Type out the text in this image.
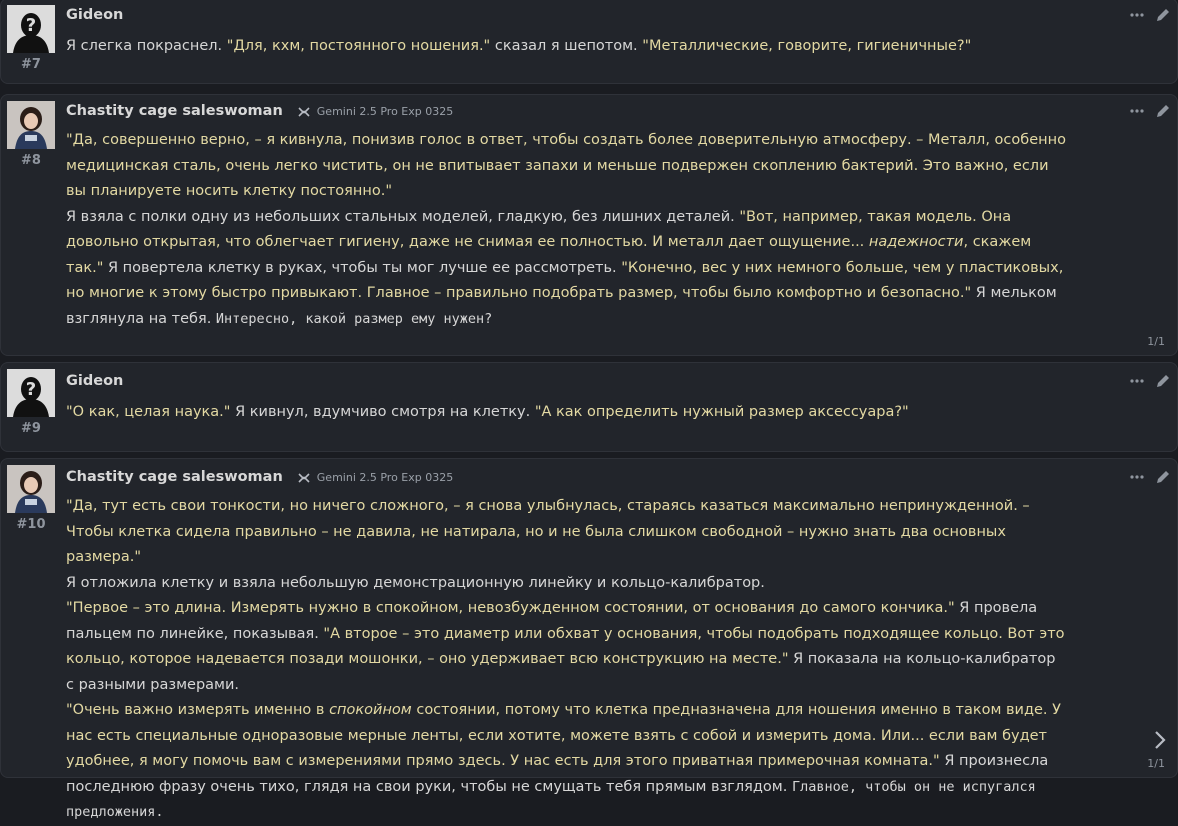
?
#7
Gideon

Я слегка покраснел. "Для, кхм, постоянного ношения." сказал я шепотом. "Металлические, говорите, гигиеничные?"

#8
Chastity cage saleswoman	Gemini 2.5 Pro Exp 0325

"Да, совершенно верно, – я кивнула, понизив голос в ответ, чтобы создать более доверительную атмосферу. – Металл, особенно медицинская сталь, очень легко чистить, он не впитывает запахи и меньше подвержен скоплению бактерий. Это важно, если вы планируете носить клетку постоянно."

Я взяла с полки одну из небольших стальных моделей, гладкую, без лишних деталей. "Вот, например, такая модель. Она довольно открытая, что облегчает гигиену, даже не снимая ее полностью. И металл дает ощущение... надежности, скажем так." Я повертела клетку в руках, чтобы ты мог лучше ее рассмотреть. "Конечно, вес у них немного больше, чем у пластиковых, но многие к этому быстро привыкают. Главное – правильно подобрать размер, чтобы было комфортно и безопасно." Я мельком взглянула на тебя. Интересно, какой размер ему нужен?

1/1
?
#9
Gideon

"О как, целая наука." Я кивнул, вдумчиво смотря на клетку. "А как определить нужный размер аксессуара?"

#10
Chastity cage saleswoman	Gemini 2.5 Pro Exp 0325

"Да, тут есть свои тонкости, но ничего сложного, – я снова улыбнулась, стараясь казаться максимально непринужденной. – Чтобы клетка сидела правильно – не давила, не натирала, но и не была слишком свободной – нужно знать два основных размера."

Я отложила клетку и взяла небольшую демонстрационную линейку и кольцо-калибратор.

"Первое – это длина. Измерять нужно в спокойном, невозбужденном состоянии, от основания до самого кончика." Я провела пальцем по линейке, показывая. "А второе – это диаметр или обхват у основания, чтобы подобрать подходящее кольцо. Вот это кольцо, которое надевается позади мошонки, – оно удерживает всю конструкцию на месте." Я показала на кольцо-калибратор с разными размерами.

"Очень важно измерять именно в спокойном состоянии, потому что клетка предназначена для ношения именно в таком виде. У нас есть специальные одноразовые мерные ленты, если хотите, можете взять с собой и измерить дома. Или... если вам будет удобнее, я могу помочь вам с измерениями прямо здесь. У нас есть для этого приватная примерочная комната." Я произнесла последнюю фразу очень тихо, глядя на свои руки, чтобы не смущать тебя прямым взглядом. Главное, чтобы он не испугался предложения.

1/1
